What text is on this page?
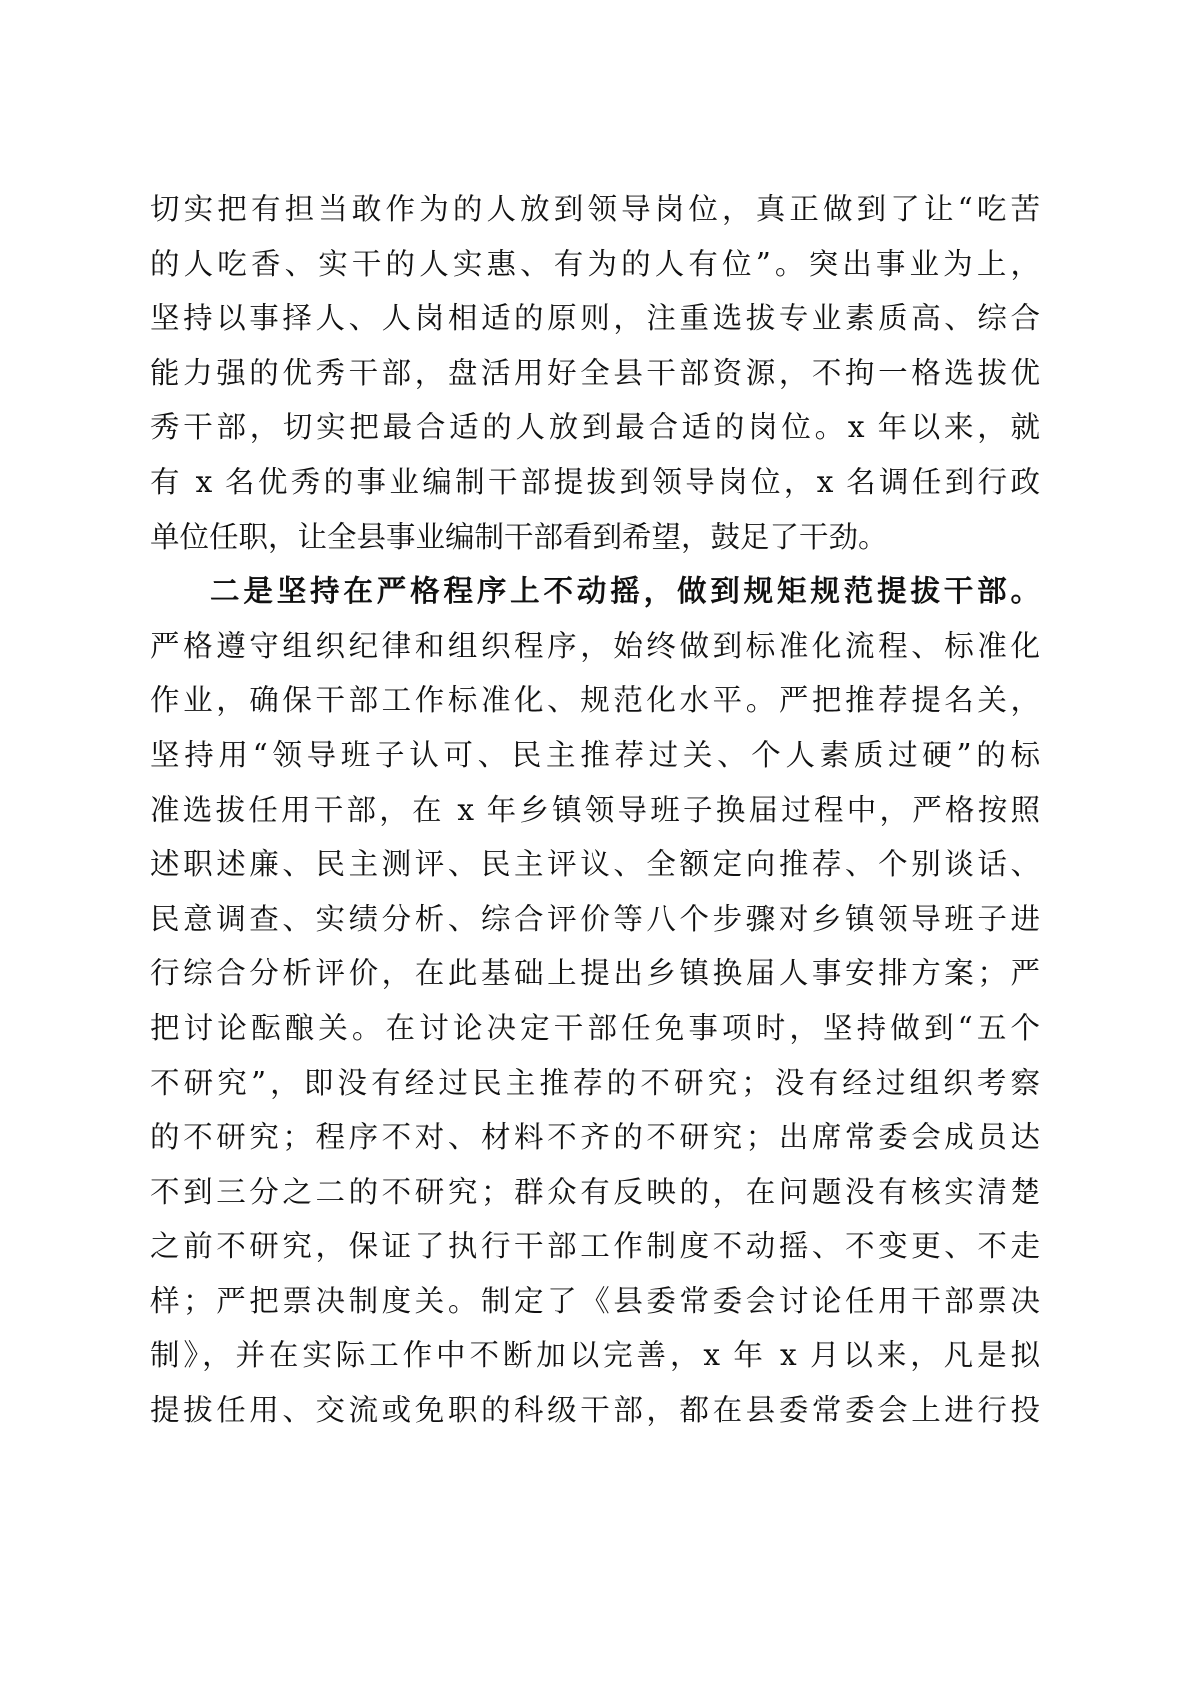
切实把有担当敢作为的人放到领导岗位，真正做到了让“吃苦
的人吃香、实干的人实惠、有为的人有位”。突出事业为上，
坚持以事择人、人岗相适的原则，注重选拔专业素质高、综合
能力强的优秀干部，盘活用好全县干部资源，不拘一格选拔优
秀干部，切实把最合适的人放到最合适的岗位。x 年以来，就
有 x 名优秀的事业编制干部提拔到领导岗位，x 名调任到行政
单位任职，让全县事业编制干部看到希望，鼓足了干劲。
二是坚持在严格程序上不动摇，做到规矩规范提拔干部。
严格遵守组织纪律和组织程序，始终做到标准化流程、标准化
作业，确保干部工作标准化、规范化水平。严把推荐提名关，
坚持用“领导班子认可、民主推荐过关、个人素质过硬”的标
准选拔任用干部，在 x 年乡镇领导班子换届过程中，严格按照
述职述廉、民主测评、民主评议、全额定向推荐、个别谈话、
民意调查、实绩分析、综合评价等八个步骤对乡镇领导班子进
行综合分析评价，在此基础上提出乡镇换届人事安排方案；严
把讨论酝酿关。在讨论决定干部任免事项时，坚持做到“五个
不研究”，即没有经过民主推荐的不研究；没有经过组织考察
的不研究；程序不对、材料不齐的不研究；出席常委会成员达
不到三分之二的不研究；群众有反映的，在问题没有核实清楚
之前不研究，保证了执行干部工作制度不动摇、不变更、不走
样；严把票决制度关。制定了《县委常委会讨论任用干部票决
制》，并在实际工作中不断加以完善，x 年 x 月以来，凡是拟
提拔任用、交流或免职的科级干部，都在县委常委会上进行投
